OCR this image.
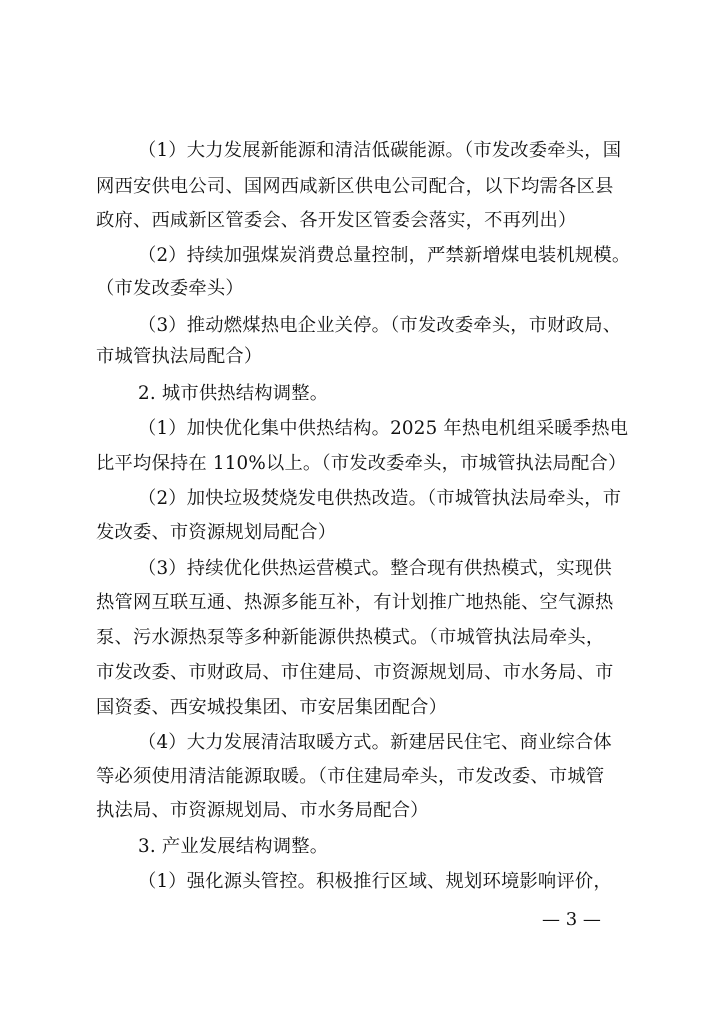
（1）大力发展新能源和清洁低碳能源。（市发改委牵头，国
网西安供电公司、国网西咸新区供电公司配合，以下均需各区县
政府、西咸新区管委会、各开发区管委会落实，不再列出）
（2）持续加强煤炭消费总量控制，严禁新增煤电装机规模。
（市发改委牵头）
（3）推动燃煤热电企业关停。（市发改委牵头，市财政局、
市城管执法局配合）
2. 城市供热结构调整。
（1）加快优化集中供热结构。2025 年热电机组采暖季热电
比平均保持在 110%以上。（市发改委牵头，市城管执法局配合）
（2）加快垃圾焚烧发电供热改造。（市城管执法局牵头，市
发改委、市资源规划局配合）
（3）持续优化供热运营模式。整合现有供热模式，实现供
热管网互联互通、热源多能互补，有计划推广地热能、空气源热
泵、污水源热泵等多种新能源供热模式。（市城管执法局牵头，
市发改委、市财政局、市住建局、市资源规划局、市水务局、市
国资委、西安城投集团、市安居集团配合）
（4）大力发展清洁取暖方式。新建居民住宅、商业综合体
等必须使用清洁能源取暖。（市住建局牵头，市发改委、市城管
执法局、市资源规划局、市水务局配合）
3. 产业发展结构调整。
（1）强化源头管控。积极推行区域、规划环境影响评价，
— 3 —
